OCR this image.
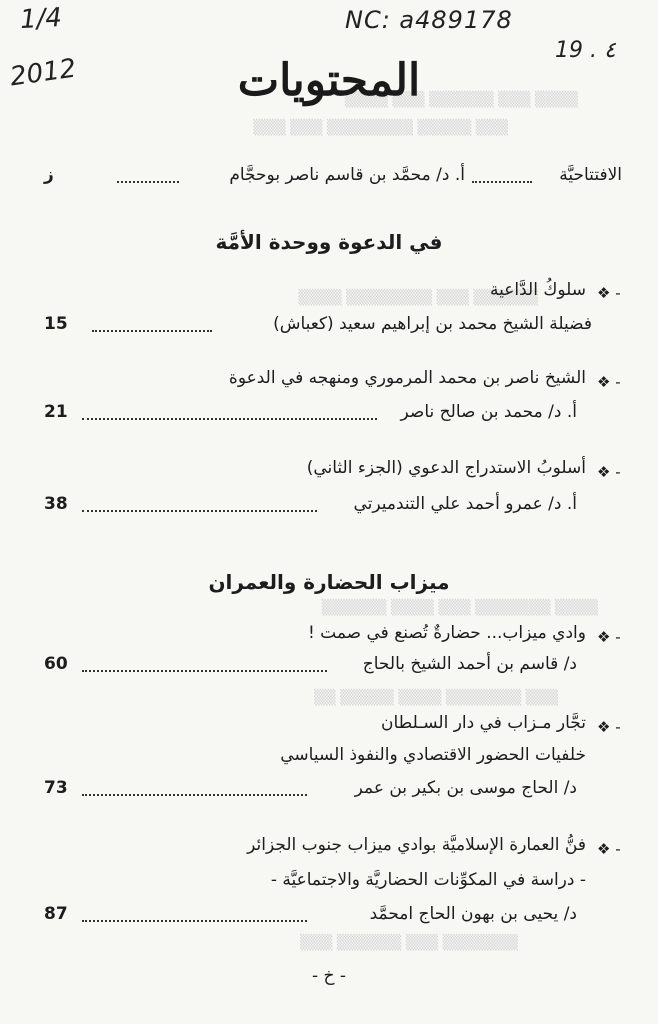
▒▒▒▒ ▒▒▒ ▒▒▒▒▒▒ ▒▒▒ ▒▒▒▒
▒▒▒ ▒▒▒▒▒ ▒▒▒▒▒▒▒▒ ▒▒▒ ▒▒▒
▒▒▒▒▒▒ ▒▒▒ ▒▒▒▒▒▒▒▒ ▒▒▒▒
▒▒▒▒ ▒▒▒▒▒▒▒ ▒▒▒ ▒▒▒▒ ▒▒▒▒▒▒
▒▒▒ ▒▒▒▒▒▒▒ ▒▒▒▒ ▒▒▒▒▒ ▒▒
▒▒▒▒▒▒▒ ▒▒▒ ▒▒▒▒▒▒ ▒▒▒
1/4
2012
NC: a489178
19 . ٤
المحتويات
الافتتاحيَّة
أ. د/ محمَّد بن قاسم ناصر بوحجَّام
ز
في الدعوة ووحدة الأمَّة
❖ -
سلوكُ الدَّاعية
فضيلة الشيخ محمد بن إبراهيم سعيد (كعباش)
15
❖ -
الشيخ ناصر بن محمد المرموري ومنهجه في الدعوة
أ. د/ محمد بن صالح ناصر
21
❖ -
أسلوبُ الاستدراج الدعوي (الجزء الثاني)
أ. د/ عمرو أحمد علي التندميرتي
38
ميزاب الحضارة والعمران
❖ -
وادي ميزاب... حضارةٌ تُصنع في صمت !
د/ قاسم بن أحمد الشيخ بالحاج
60
❖ -
تجَّار مـزاب في دار السـلطان
خلفيات الحضور الاقتصادي والنفوذ السياسي
د/ الحاج موسى بن بكير بن عمر
73
❖ -
فنُّ العمارة الإسلاميَّة بوادي ميزاب جنوب الجزائر
- دراسة في المكوِّنات الحضاريَّة والاجتماعيَّة -
د/ يحيى بن بهون الحاج امحمَّد
87
- خ -
